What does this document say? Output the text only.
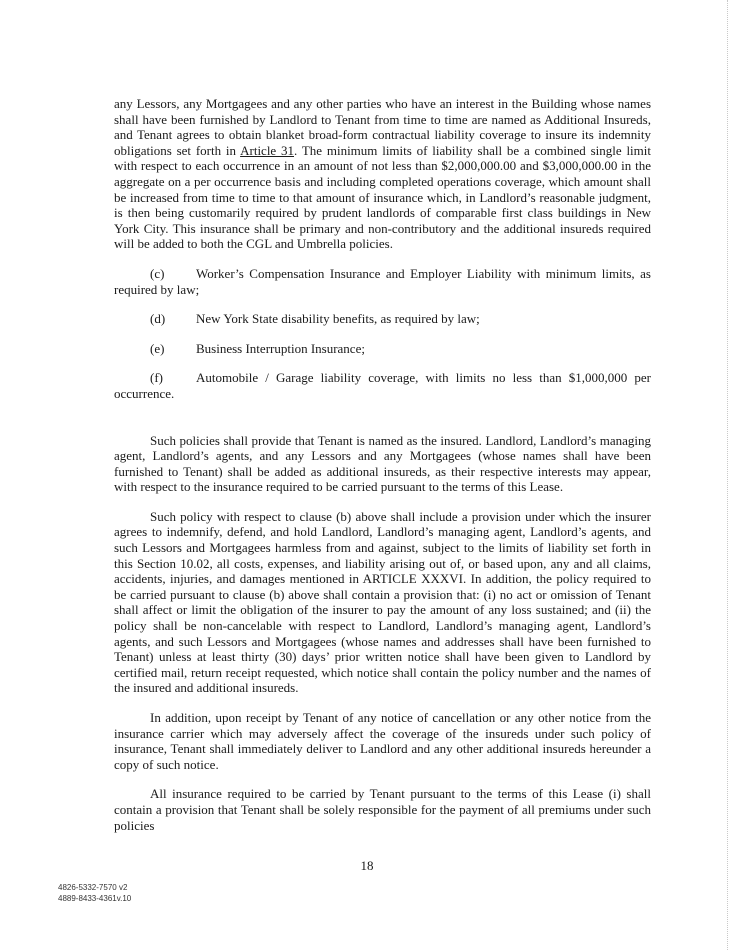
any Lessors, any Mortgagees and any other parties who have an interest in the Building whose names shall have been furnished by Landlord to Tenant from time to time are named as Additional Insureds, and Tenant agrees to obtain blanket broad-form contractual liability coverage to insure its indemnity obligations set forth in Article 31. The minimum limits of liability shall be a combined single limit with respect to each occurrence in an amount of not less than $2,000,000.00 and $3,000,000.00 in the aggregate on a per occurrence basis and including completed operations coverage, which amount shall be increased from time to time to that amount of insurance which, in Landlord’s reasonable judgment, is then being customarily required by prudent landlords of comparable first class buildings in New York City. This insurance shall be primary and non-contributory and the additional insureds required will be added to both the CGL and Umbrella policies.

(c) Worker’s Compensation Insurance and Employer Liability with minimum limits, as required by law;

(d) New York State disability benefits, as required by law;

(e) Business Interruption Insurance;

(f)	Automobile / Garage liability coverage, with limits no less than $1,000,000 per occurrence.

Such policies shall provide that Tenant is named as the insured. Landlord, Landlord’s managing agent, Landlord’s agents, and any Lessors and any Mortgagees (whose names shall have been furnished to Tenant) shall be added as additional insureds, as their respective interests may appear, with respect to the insurance required to be carried pursuant to the terms of this Lease.

Such policy with respect to clause (b) above shall include a provision under which the insurer agrees to indemnify, defend, and hold Landlord, Landlord’s managing agent, Landlord’s agents, and such Lessors and Mortgagees harmless from and against, subject to the limits of liability set forth in this Section 10.02, all costs, expenses, and liability arising out of, or based upon, any and all claims, accidents, injuries, and damages mentioned in ARTICLE XXXVI. In addition, the policy required to be carried pursuant to clause (b) above shall contain a provision that: (i) no act or omission of Tenant shall affect or limit the obligation of the insurer to pay the amount of any loss sustained; and (ii) the policy shall be non-cancelable with respect to Landlord, Landlord’s managing agent, Landlord’s agents, and such Lessors and Mortgagees (whose names and addresses shall have been furnished to Tenant) unless at least thirty (30) days’ prior written notice shall have been given to Landlord by certified mail, return receipt requested, which notice shall contain the policy number and the names of the insured and additional insureds.

In addition, upon receipt by Tenant of any notice of cancellation or any other notice from the insurance carrier which may adversely affect the coverage of the insureds under such policy of insurance, Tenant shall immediately deliver to Landlord and any other additional insureds hereunder a copy of such notice.

All insurance required to be carried by Tenant pursuant to the terms of this Lease (i) shall contain a provision that Tenant shall be solely responsible for the payment of all premiums under such policies

18
4826-5332-7570 v2
4889-8433-4361v.10
